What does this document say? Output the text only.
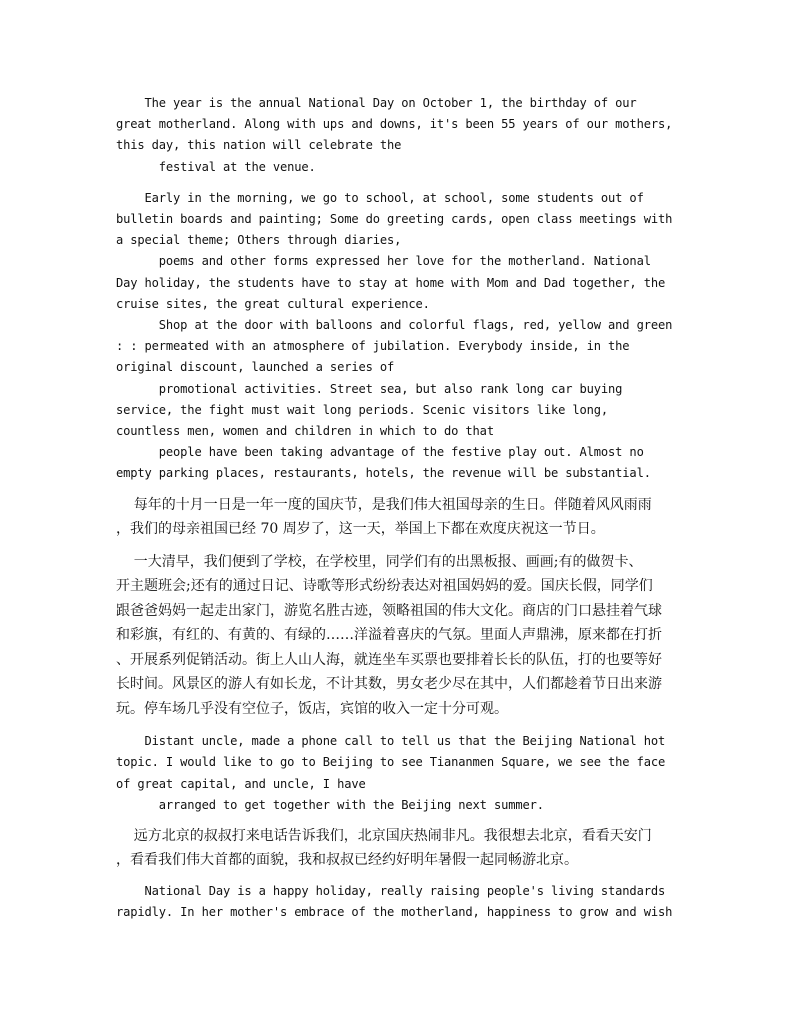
The year is the annual National Day on October 1, the birthday of our
great motherland. Along with ups and downs, it's been 55 years of our mothers,
this day, this nation will celebrate the
festival at the venue.
Early in the morning, we go to school, at school, some students out of
bulletin boards and painting; Some do greeting cards, open class meetings with
a special theme; Others through diaries,
poems and other forms expressed her love for the motherland. National
Day holiday, the students have to stay at home with Mom and Dad together, the
cruise sites, the great cultural experience.
Shop at the door with balloons and colorful flags, red, yellow and green
: : permeated with an atmosphere of jubilation. Everybody inside, in the
original discount, launched a series of
promotional activities. Street sea, but also rank long car buying
service, the fight must wait long periods. Scenic visitors like long,
countless men, women and children in which to do that
people have been taking advantage of the festive play out. Almost no
empty parking places, restaurants, hotels, the revenue will be substantial.
每年的十月一日是一年一度的国庆节，是我们伟大祖国母亲的生日。伴随着风风雨雨
，我们的母亲祖国已经 70 周岁了，这一天，举国上下都在欢度庆祝这一节日。
一大清早，我们便到了学校，在学校里，同学们有的出黑板报、画画;有的做贺卡、
开主题班会;还有的通过日记、诗歌等形式纷纷表达对祖国妈妈的爱。国庆长假，同学们
跟爸爸妈妈一起走出家门，游览名胜古迹，领略祖国的伟大文化。商店的门口悬挂着气球
和彩旗，有红的、有黄的、有绿的……洋溢着喜庆的气氛。里面人声鼎沸，原来都在打折
、开展系列促销活动。街上人山人海，就连坐车买票也要排着长长的队伍，打的也要等好
长时间。风景区的游人有如长龙，不计其数，男女老少尽在其中，人们都趁着节日出来游
玩。停车场几乎没有空位子，饭店，宾馆的收入一定十分可观。
Distant uncle, made a phone call to tell us that the Beijing National hot
topic. I would like to go to Beijing to see Tiananmen Square, we see the face
of great capital, and uncle, I have
arranged to get together with the Beijing next summer.
远方北京的叔叔打来电话告诉我们，北京国庆热闹非凡。我很想去北京，看看天安门
，看看我们伟大首都的面貌，我和叔叔已经约好明年暑假一起同畅游北京。
National Day is a happy holiday, really raising people's living standards
rapidly. In her mother's embrace of the motherland, happiness to grow and wish
